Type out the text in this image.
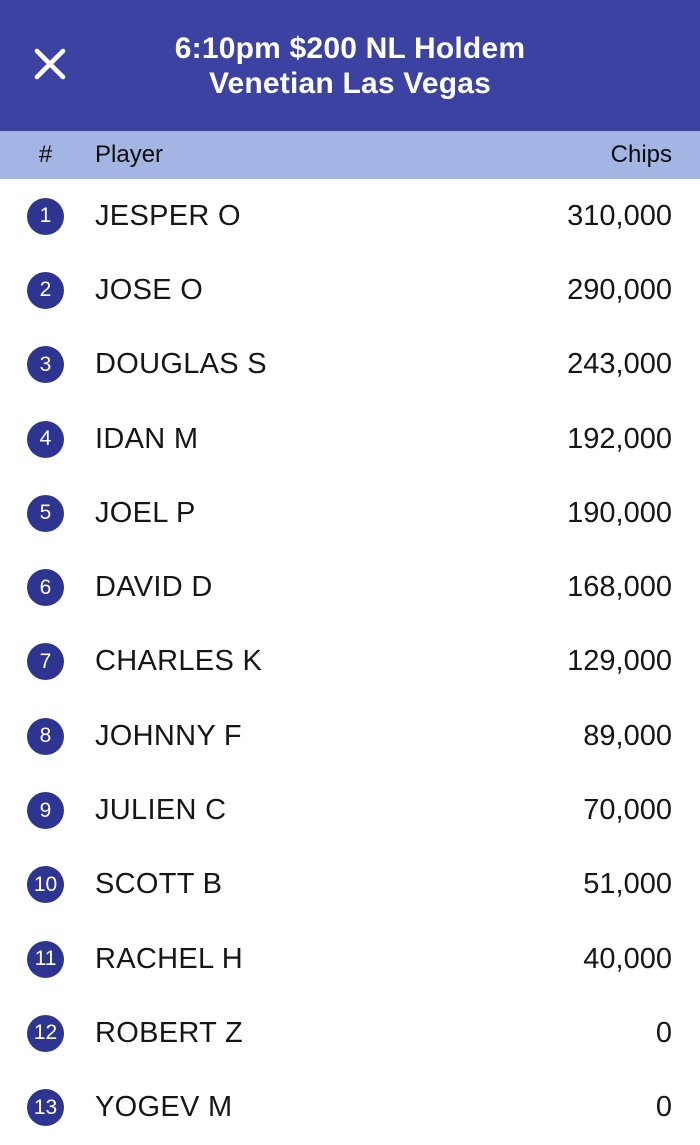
6:10pm $200 NL Holdem
Venetian Las Vegas
#	Player	Chips
1 JESPER O	310,000
2 JOSE O	290,000
3 DOUGLAS S	243,000
4 IDAN M	192,000
5 JOEL P	190,000
6 DAVID D	168,000
7 CHARLES K	129,000
8 JOHNNY F	89,000
9 JULIEN C	70,000
10 SCOTT B	51,000
11 RACHEL H	40,000
12 ROBERT Z	0
13 YOGEV M	0
